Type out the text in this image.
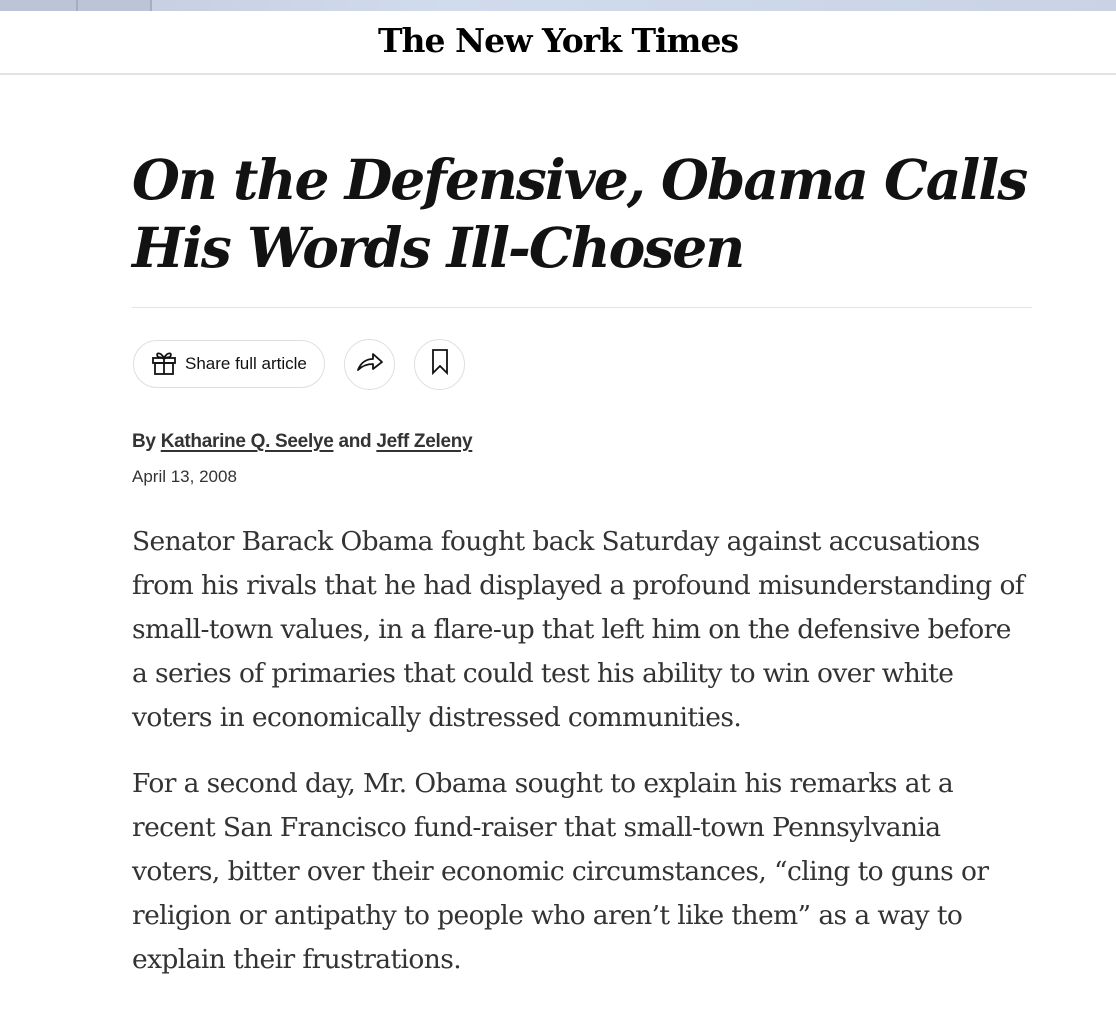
The New York Times
On the Defensive, Obama Calls His Words Ill-Chosen
Share full article
By Katharine Q. Seelye and Jeff Zeleny
April 13, 2008

Senator Barack Obama fought back Saturday against accusations from his rivals that he had displayed a profound misunderstanding of small-town values, in a flare-up that left him on the defensive before a series of primaries that could test his ability to win over white voters in economically distressed communities.

For a second day, Mr. Obama sought to explain his remarks at a recent San Francisco fund-raiser that small-town Pennsylvania voters, bitter over their economic circumstances, “cling to guns or religion or antipathy to people who aren’t like them” as a way to explain their frustrations.
